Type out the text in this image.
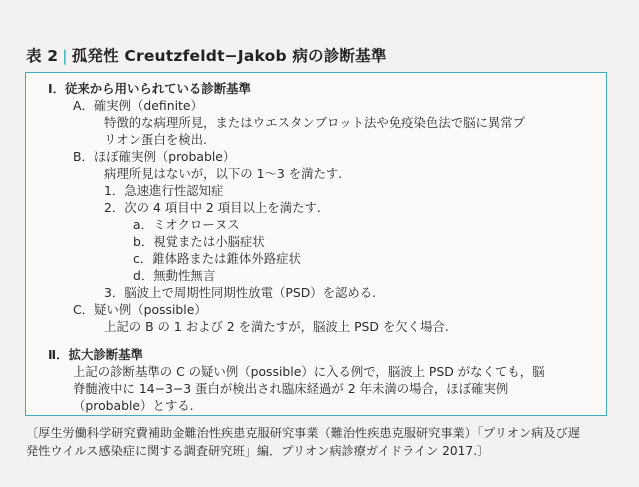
表 2 | 孤発性 Creutzfeldt−Jakob 病の診断基準
Ⅰ．従来から用いられている診断基準
A．確実例（definite）
特徴的な病理所見，またはウエスタンブロット法や免疫染色法で脳に異常プ
リオン蛋白を検出.
B．ほぼ確実例（probable）
病理所見はないが，以下の 1～3 を満たす.
1．急速進行性認知症
2．次の 4 項目中 2 項目以上を満たす.
a．ミオクローヌス
b．視覚または小脳症状
c．錐体路または錐体外路症状
d．無動性無言
3．脳波上で周期性同期性放電（PSD）を認める.
C．疑い例（possible）
上記の B の 1 および 2 を満たすが，脳波上 PSD を欠く場合.
Ⅱ．拡大診断基準
上記の診断基準の C の疑い例（possible）に入る例で，脳波上 PSD がなくても，脳
脊髄液中に 14−3−3 蛋白が検出され臨床経過が 2 年未満の場合，ほぼ確実例
（probable）とする.
〔厚生労働科学研究費補助金難治性疾患克服研究事業（難治性疾患克服研究事業）「プリオン病及び遅
発性ウイルス感染症に関する調査研究班」編．プリオン病診療ガイドライン 2017.〕
